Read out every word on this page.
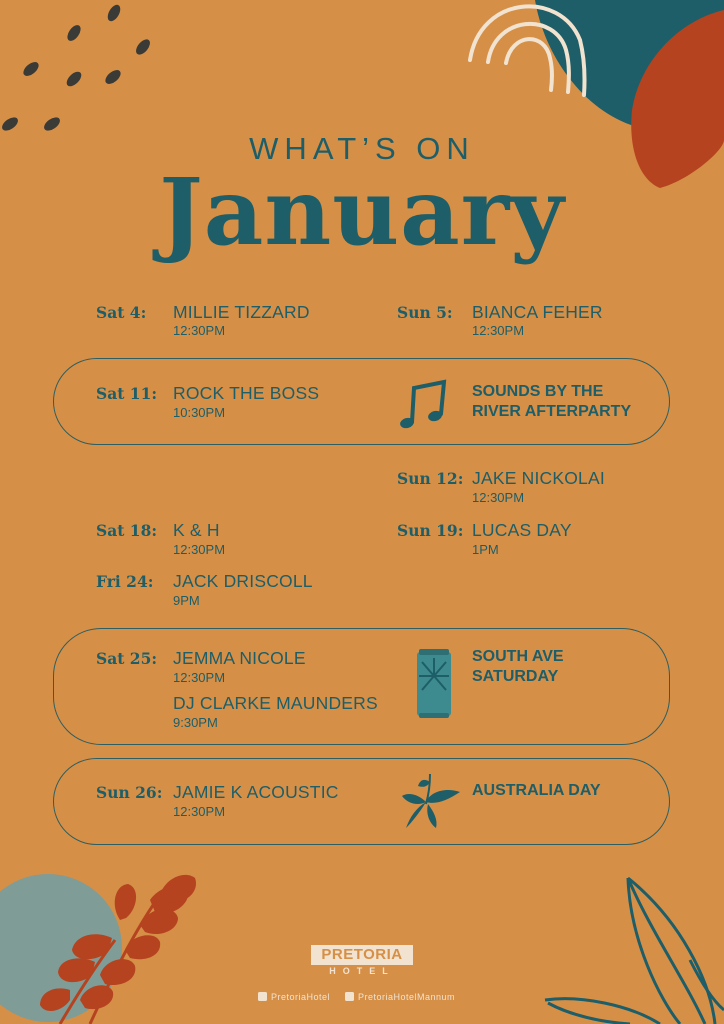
WHAT’S ON
January
Sat 4: MILLIE TIZZARD
12:30PM
Sun 5: BIANCA FEHER
12:30PM
Sat 11: ROCK THE BOSS
10:30PM
SOUNDS BY THE
RIVER AFTERPARTY
Sun 12: JAKE NICKOLAI
12:30PM
Sat 18: K & H
12:30PM
Sun 19: LUCAS DAY
1PM
Fri 24: JACK DRISCOLL
9PM
Sat 25: JEMMA NICOLE
12:30PM
DJ CLARKE MAUNDERS
9:30PM
SOUTH AVE
SATURDAY
Sun 26: JAMIE K ACOUSTIC
12:30PM
AUSTRALIA DAY
PRETORIA
HOTEL
PretoriaHotel	PretoriaHotelMannum
